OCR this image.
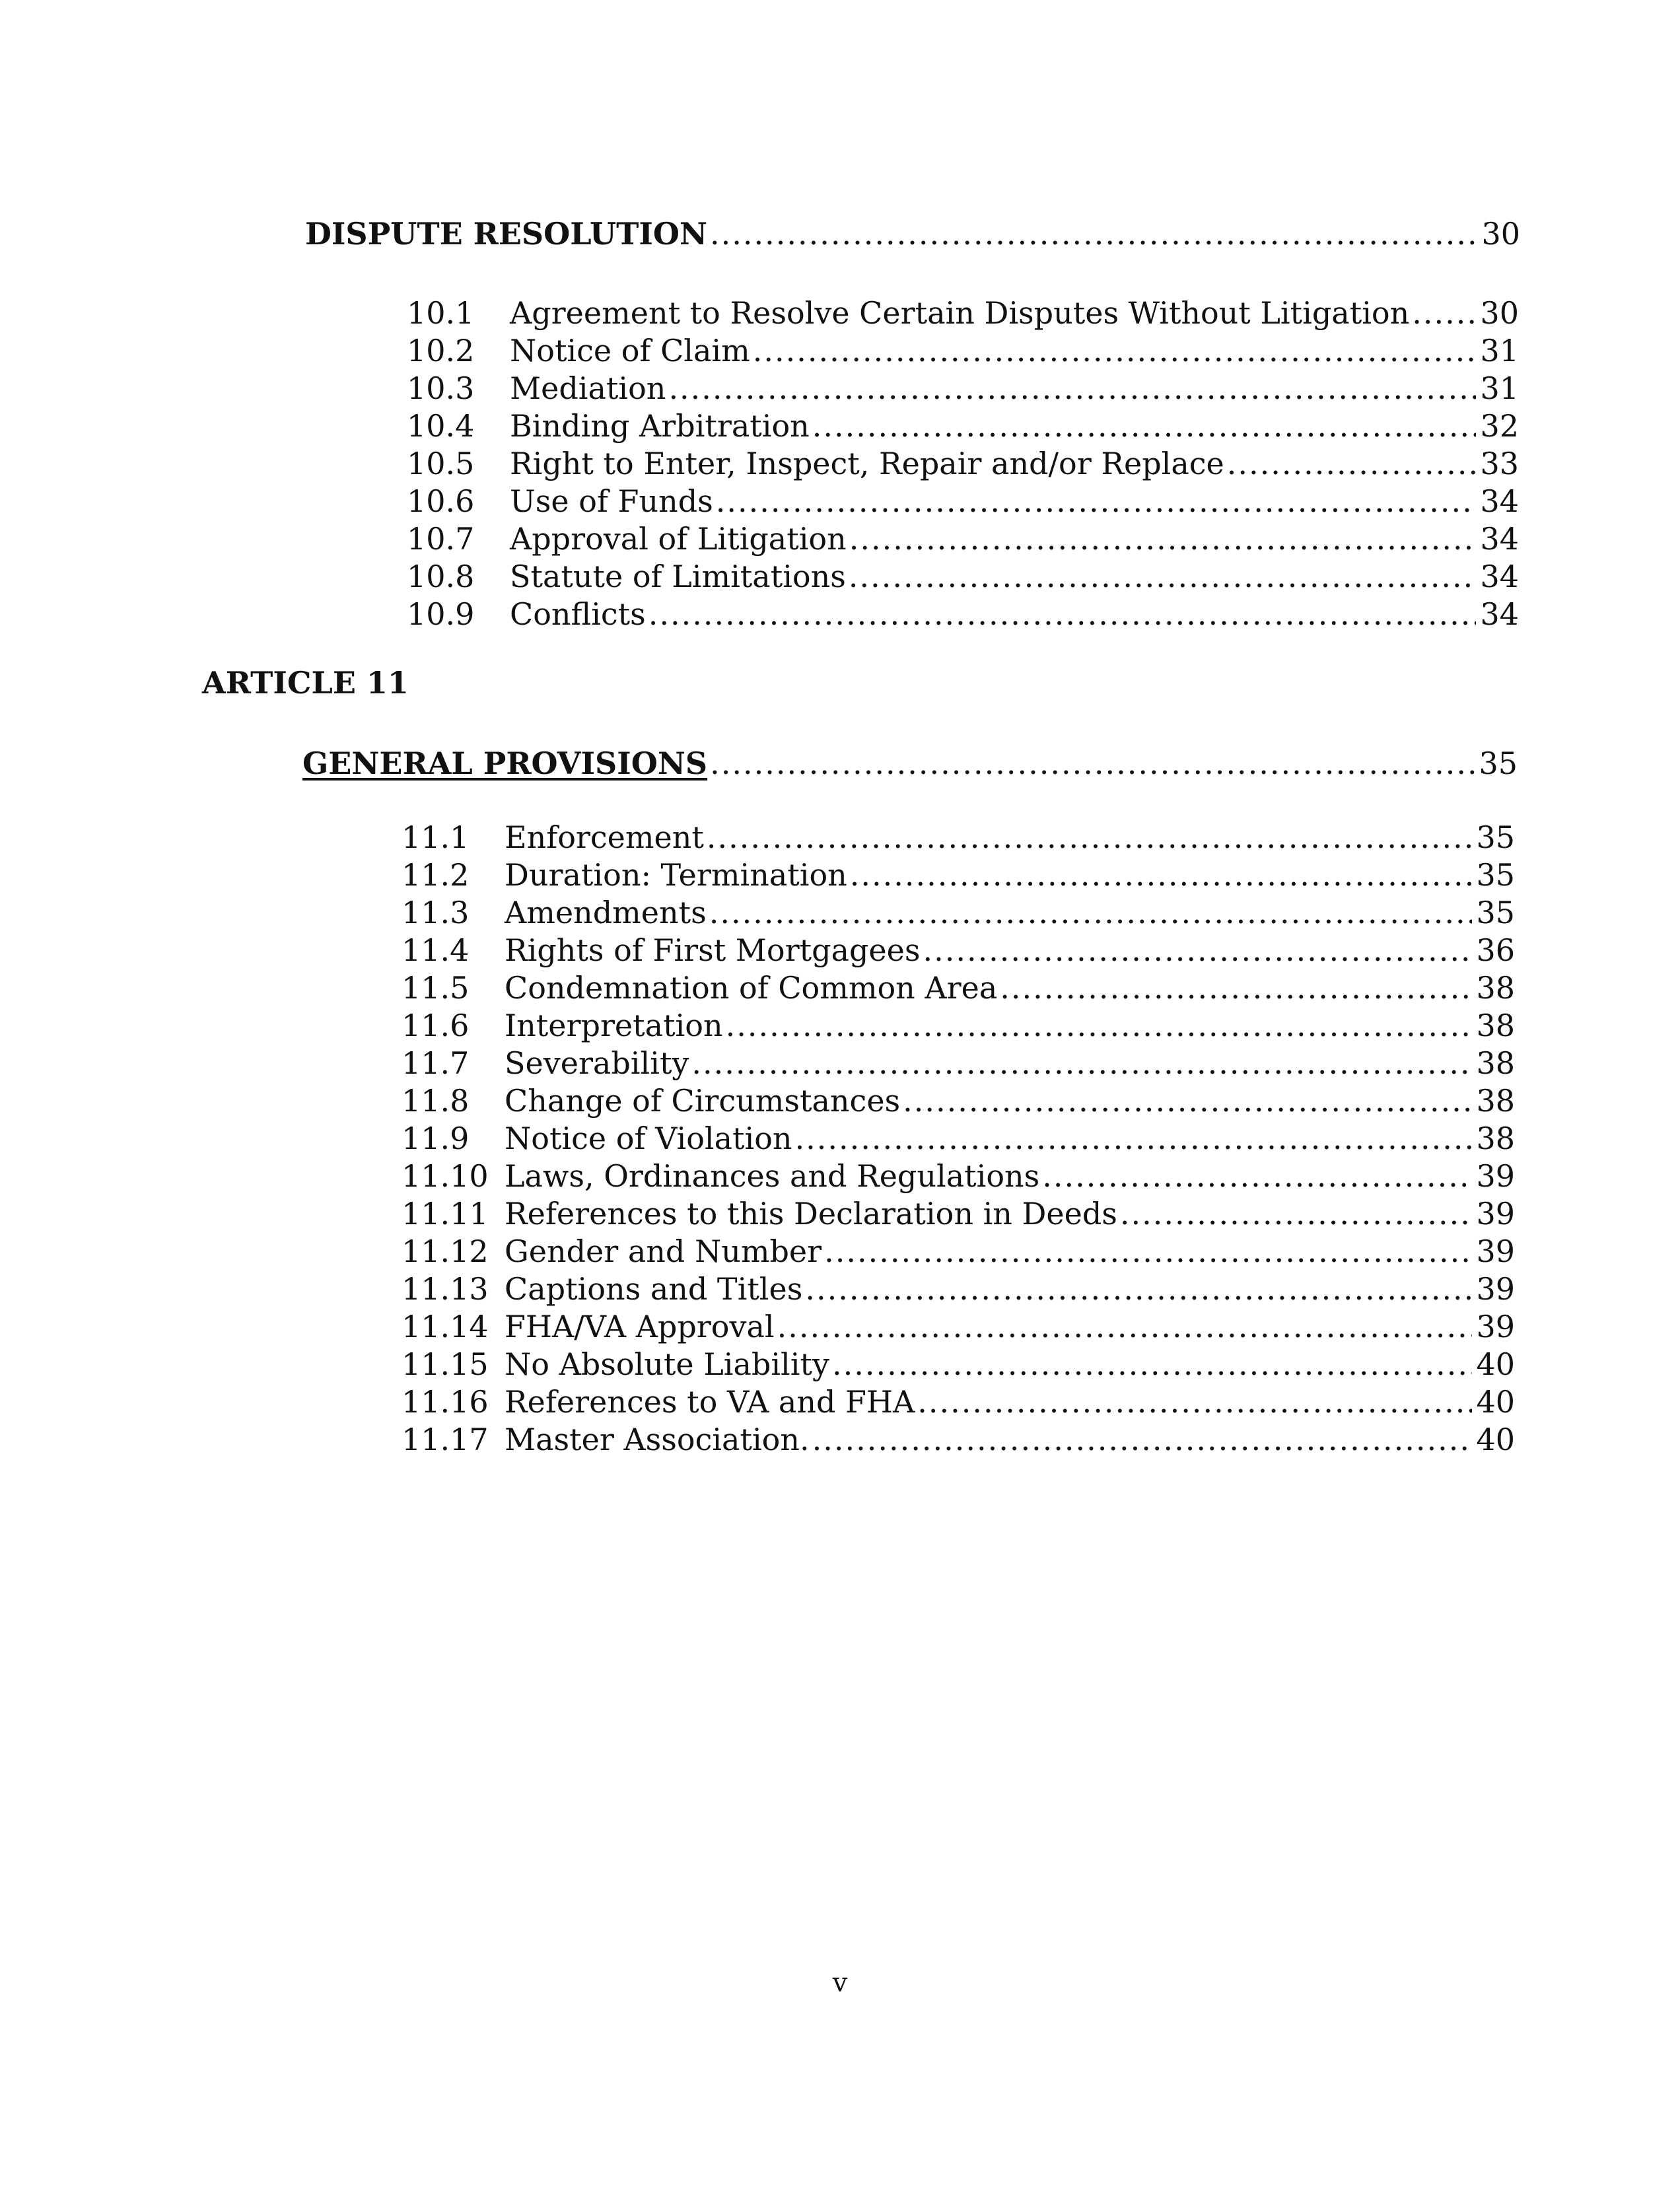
DISPUTE RESOLUTION .....	30
10.1	Agreement to Resolve Certain Disputes Without Litigation ..... 30
10.2	Notice of Claim .....	31
10.3	Mediation .....	31
10.4	Binding Arbitration .....	32
10.5	Right to Enter, Inspect, Repair and/or Replace .....	33
10.6	Use of Funds .....	34
10.7	Approval of Litigation .....	34
10.8	Statute of Limitations .....	34
10.9	Conflicts .....	34
ARTICLE 11
GENERAL PROVISIONS .....	35
11.1	Enforcement .....	35
11.2	Duration: Termination .....	35
11.3	Amendments .....	35
11.4	Rights of First Mortgagees .....	36
11.5	Condemnation of Common Area .....	38
11.6	Interpretation .....	38
11.7	Severability .....	38
11.8	Change of Circumstances .....	38
11.9	Notice of Violation .....	38
11.10 Laws, Ordinances and Regulations .....	39
11.11 References to this Declaration in Deeds .....	39
11.12 Gender and Number .....	39
11.13 Captions and Titles .....	39
11.14 FHA/VA Approval .....	39
11.15 No Absolute Liability .....	40
11.16 References to VA and FHA .....	40
11.17 Master Association. .....	40
v
